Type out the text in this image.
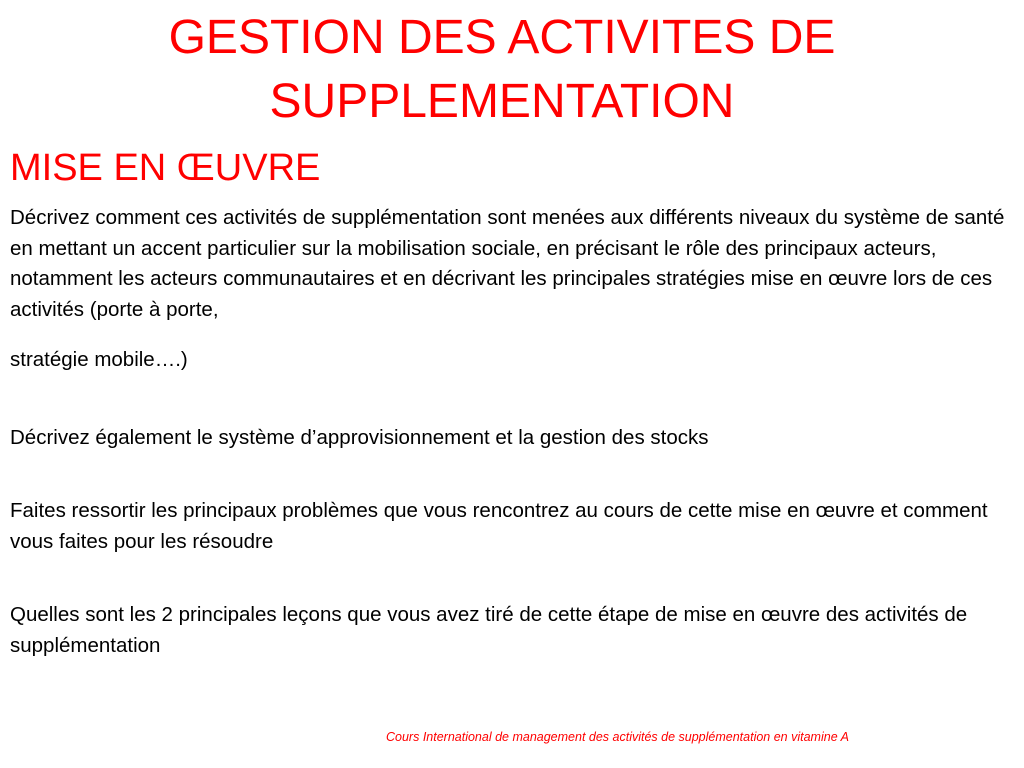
GESTION DES ACTIVITES DE
SUPPLEMENTATION
MISE EN ŒUVRE

Décrivez comment ces activités de supplémentation sont menées aux différents niveaux du système de santé en mettant un accent particulier sur la mobilisation sociale, en précisant le rôle des principaux acteurs, notamment les acteurs communautaires et en décrivant les principales stratégies mise en œuvre lors de ces activités (porte à porte,

stratégie mobile….)

Décrivez également le système d’approvisionnement et la gestion des stocks

Faites ressortir les principaux problèmes que vous rencontrez au cours de cette mise en œuvre et comment vous faites pour les résoudre

Quelles sont les 2 principales leçons que vous avez tiré de cette étape de mise en œuvre des activités de supplémentation

Cours International de management des activités de supplémentation en vitamine A
